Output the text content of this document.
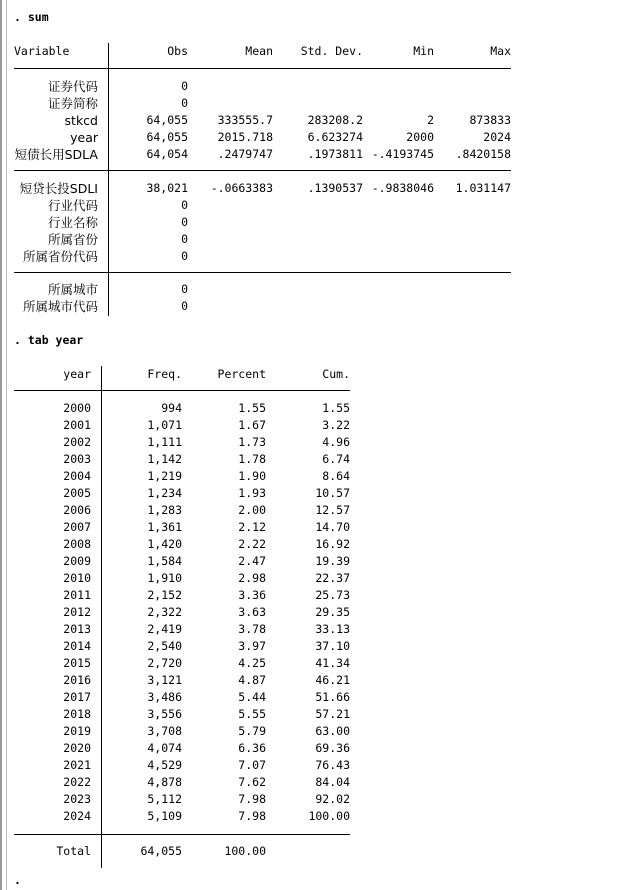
. sum
Variable	Obs	Mean	Std. Dev.	Min	Max
证券代码	0
证券简称	0
stkcd	64,055	333555.7	283208.2	2	873833
year	64,055	2015.718	6.623274	2000	2024
短债长用SDLA	64,054	.2479747	.1973811 -.4193745	.8420158
短贷长投SDLI	38,021	-.0663383	.1390537 -.9838046	1.031147
行业代码	0
行业名称	0
所属省份	0
所属省份代码	0
所属城市	0
所属城市代码	0
. tab year
year	Freq.	Percent	Cum.
2000	994	1.55	1.55
2001	1,071	1.67	3.22
2002	1,111	1.73	4.96
2003	1,142	1.78	6.74
2004	1,219	1.90	8.64
2005	1,234	1.93	10.57
2006	1,283	2.00	12.57
2007	1,361	2.12	14.70
2008	1,420	2.22	16.92
2009	1,584	2.47	19.39
2010	1,910	2.98	22.37
2011	2,152	3.36	25.73
2012	2,322	3.63	29.35
2013	2,419	3.78	33.13
2014	2,540	3.97	37.10
2015	2,720	4.25	41.34
2016	3,121	4.87	46.21
2017	3,486	5.44	51.66
2018	3,556	5.55	57.21
2019	3,708	5.79	63.00
2020	4,074	6.36	69.36
2021	4,529	7.07	76.43
2022	4,878	7.62	84.04
2023	5,112	7.98	92.02
2024	5,109	7.98	100.00
Total	64,055	100.00
.
